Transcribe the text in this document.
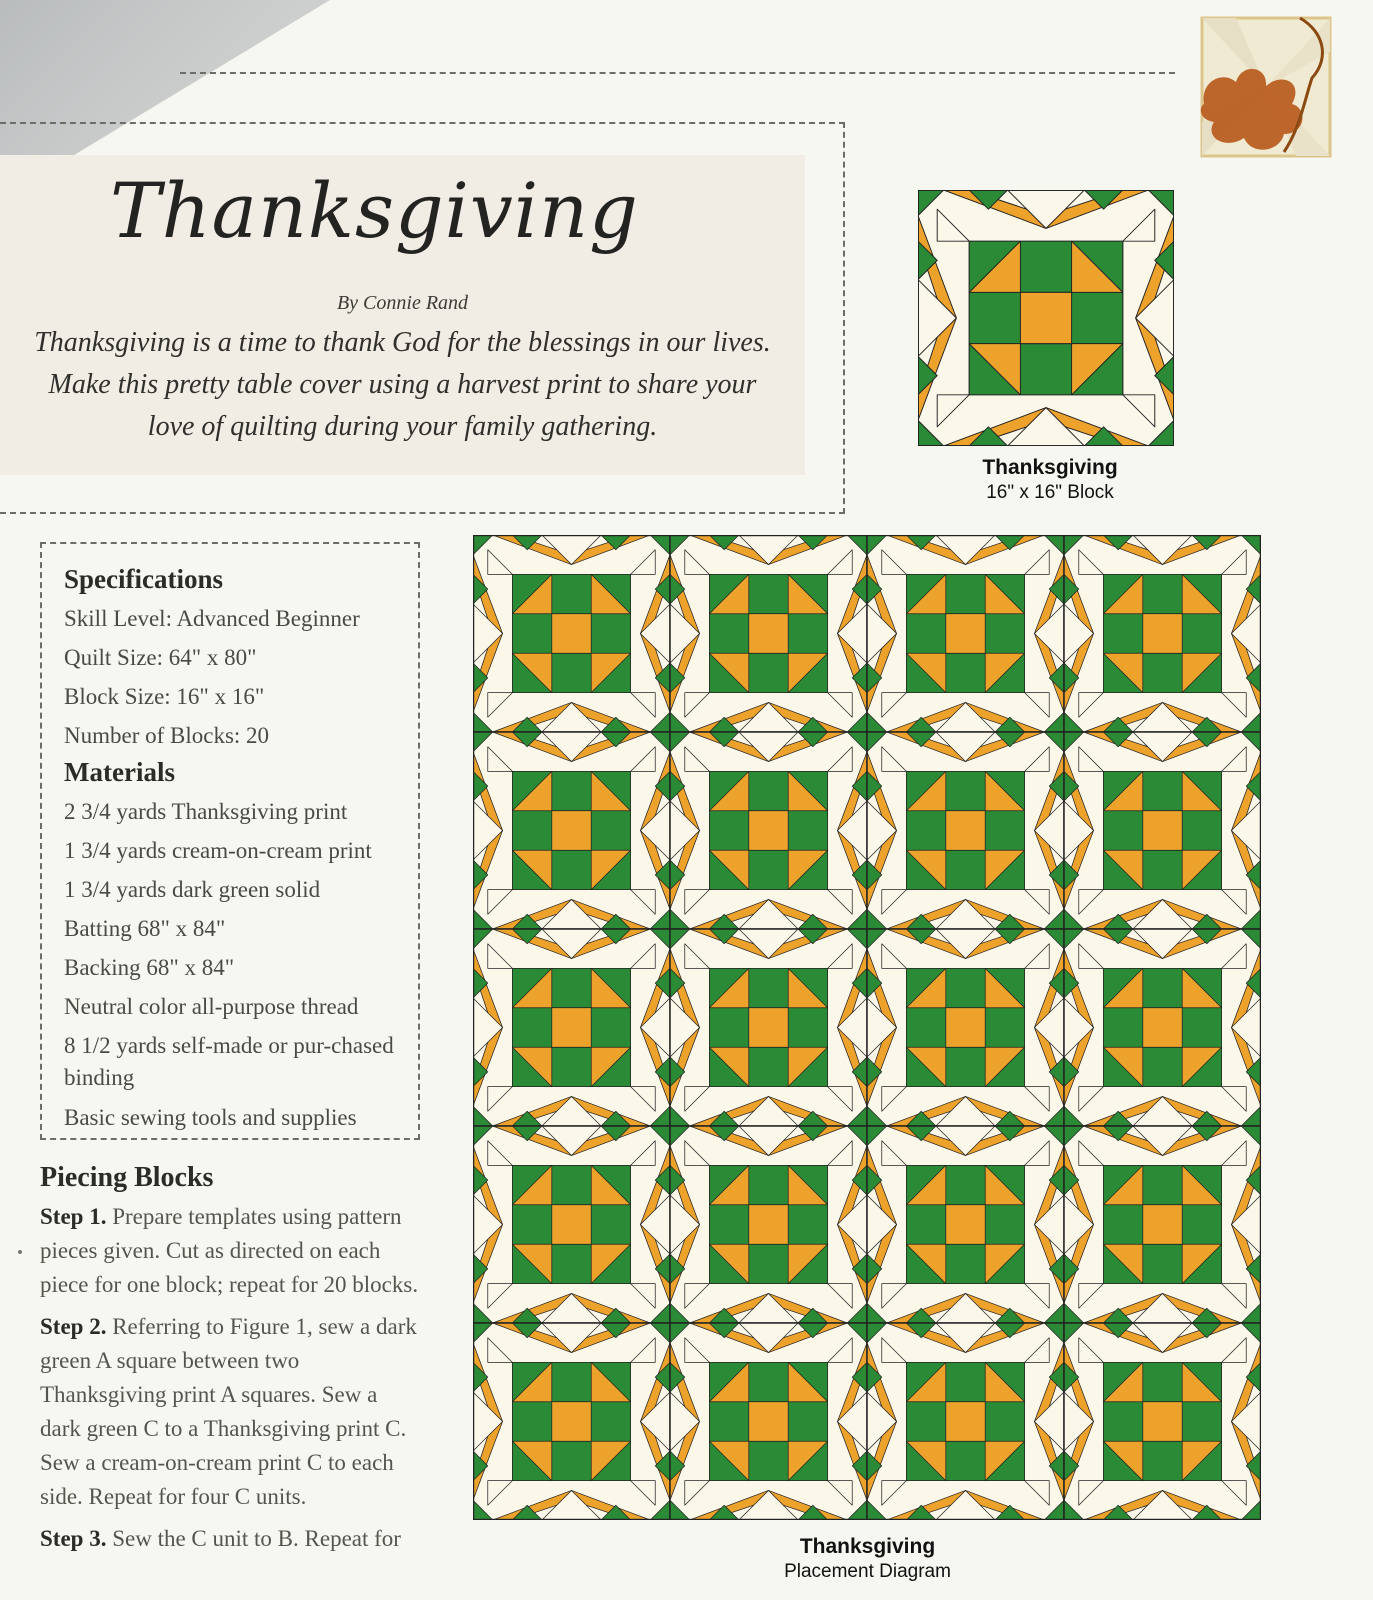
Thanksgiving
By Connie Rand
Thanksgiving is a time to thank God for the blessings in our lives. Make this pretty table cover using a harvest print to share your love of quilting during your family gathering.
Thanksgiving
16" x 16" Block
Specifications
Skill Level: Advanced Beginner
Quilt Size: 64" x 80"
Block Size: 16" x 16"
Number of Blocks: 20
Materials
2 3/4 yards Thanksgiving print
1 3/4 yards cream-on-cream print
1 3/4 yards dark green solid
Batting 68" x 84"
Backing 68" x 84"
Neutral color all-purpose thread
8 1/2 yards self-made or pur-chased binding
Basic sewing tools and supplies
Piecing Blocks

Step 1. Prepare templates using pattern pieces given. Cut as directed on each piece for one block; repeat for 20 blocks.

Step 2. Referring to Figure 1, sew a dark green A square between two Thanksgiving print A squares. Sew a dark green C to a Thanksgiving print C. Sew a cream-on-cream print C to each side. Repeat for four C units.

Step 3. Sew the C unit to B. Repeat for	Thanksgiving
Placement Diagram
